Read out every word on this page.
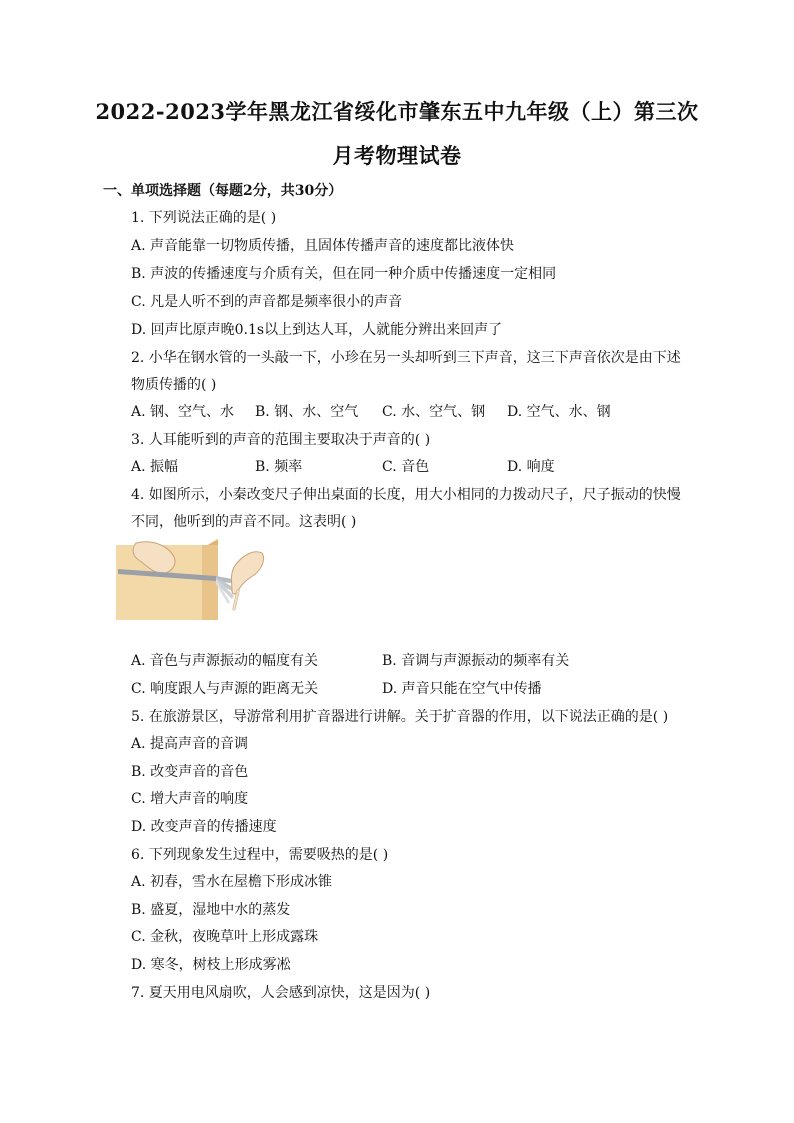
2022-2023学年黑龙江省绥化市肇东五中九年级（上）第三次
月考物理试卷
一、单项选择题（每题2分，共30分）
1. 下列说法正确的是( )
A. 声音能靠一切物质传播，且固体传播声音的速度都比液体快
B. 声波的传播速度与介质有关，但在同一种介质中传播速度一定相同
C. 凡是人听不到的声音都是频率很小的声音
D. 回声比原声晚0.1s以上到达人耳，人就能分辨出来回声了
2. 小华在钢水管的一头敲一下，小珍在另一头却听到三下声音，这三下声音依次是由下述
物质传播的( )
A. 钢、空气、水 B. 钢、水、空气 C. 水、空气、钢 D. 空气、水、钢
3. 人耳能听到的声音的范围主要取决于声音的( )
A. 振幅	B. 频率	C. 音色	D. 响度
4. 如图所示，小秦改变尺子伸出桌面的长度，用大小相同的力拨动尺子，尺子振动的快慢
不同，他听到的声音不同。这表明( )
A. 音色与声源振动的幅度有关	B. 音调与声源振动的频率有关
C. 响度跟人与声源的距离无关	D. 声音只能在空气中传播
5. 在旅游景区，导游常利用扩音器进行讲解。关于扩音器的作用，以下说法正确的是( )
A. 提高声音的音调
B. 改变声音的音色
C. 增大声音的响度
D. 改变声音的传播速度
6. 下列现象发生过程中，需要吸热的是( )
A. 初春，雪水在屋檐下形成冰锥
B. 盛夏，湿地中水的蒸发
C. 金秋，夜晚草叶上形成露珠
D. 寒冬，树枝上形成雾凇
7. 夏天用电风扇吹，人会感到凉快，这是因为( )
